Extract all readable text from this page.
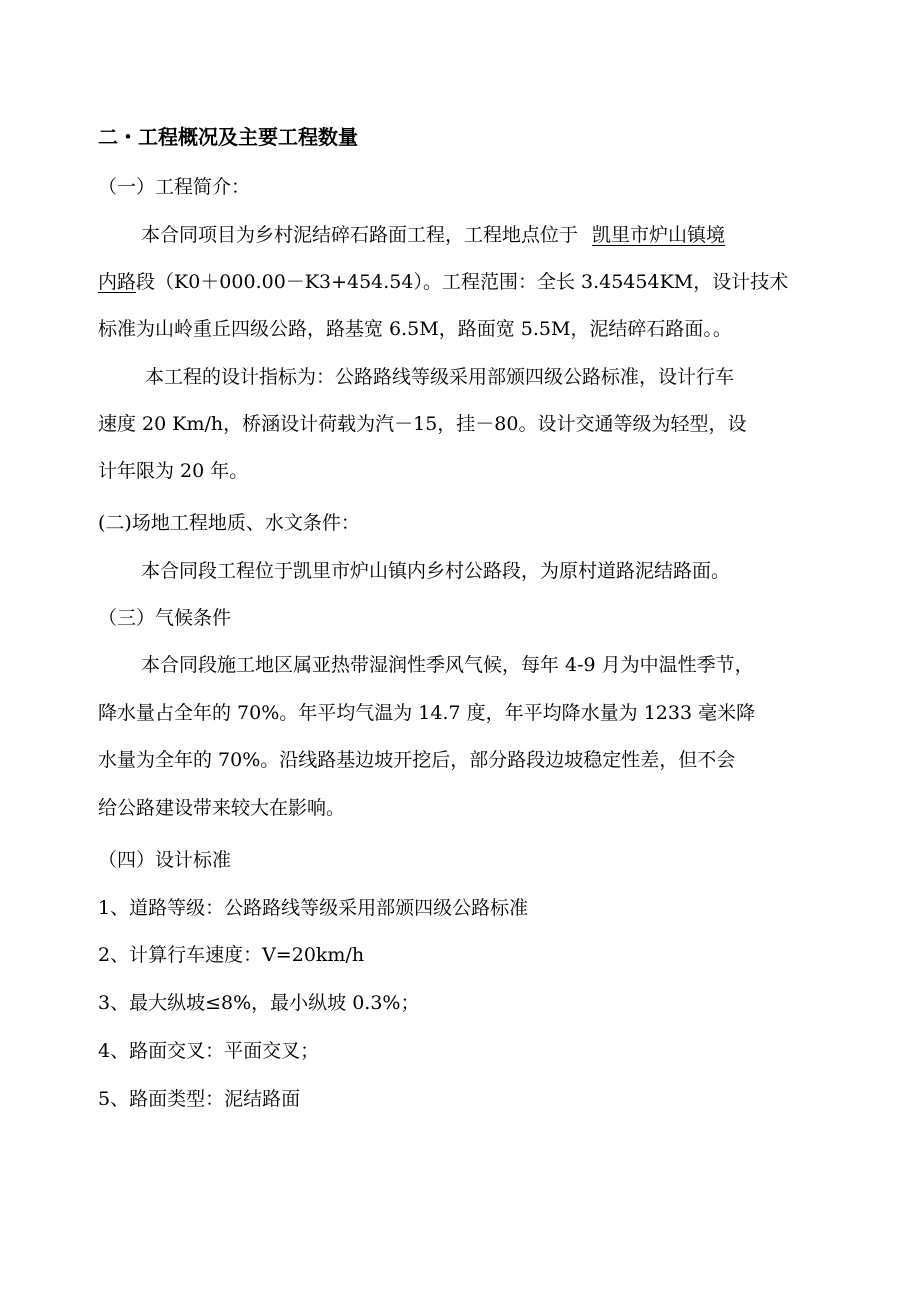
二・工程概况及主要工程数量
（一）工程简介：
本合同项目为乡村泥结碎石路面工程，工程地点位于 凯里市炉山镇境
内路段（K0＋000.00－K3+454.54）。工程范围：全长 3.45454KM，设计技术
标准为山岭重丘四级公路，路基宽 6.5M，路面宽 5.5M，泥结碎石路面。。
本工程的设计指标为：公路路线等级采用部颁四级公路标准，设计行车
速度 20 Km/h，桥涵设计荷载为汽－15，挂－80。设计交通等级为轻型，设
计年限为 20 年。
(二)场地工程地质、水文条件：
本合同段工程位于凯里市炉山镇内乡村公路段，为原村道路泥结路面。
（三）气候条件
本合同段施工地区属亚热带湿润性季风气候，每年 4-9 月为中温性季节，
降水量占全年的 70%。年平均气温为 14.7 度，年平均降水量为 1233 毫米降
水量为全年的 70%。沿线路基边坡开挖后，部分路段边坡稳定性差，但不会
给公路建设带来较大在影响。
（四）设计标准
1、道路等级：公路路线等级采用部颁四级公路标准
2、计算行车速度：V=20km/h
3、最大纵坡≤8%，最小纵坡 0.3%；
4、路面交叉：平面交叉；
5、路面类型：泥结路面
